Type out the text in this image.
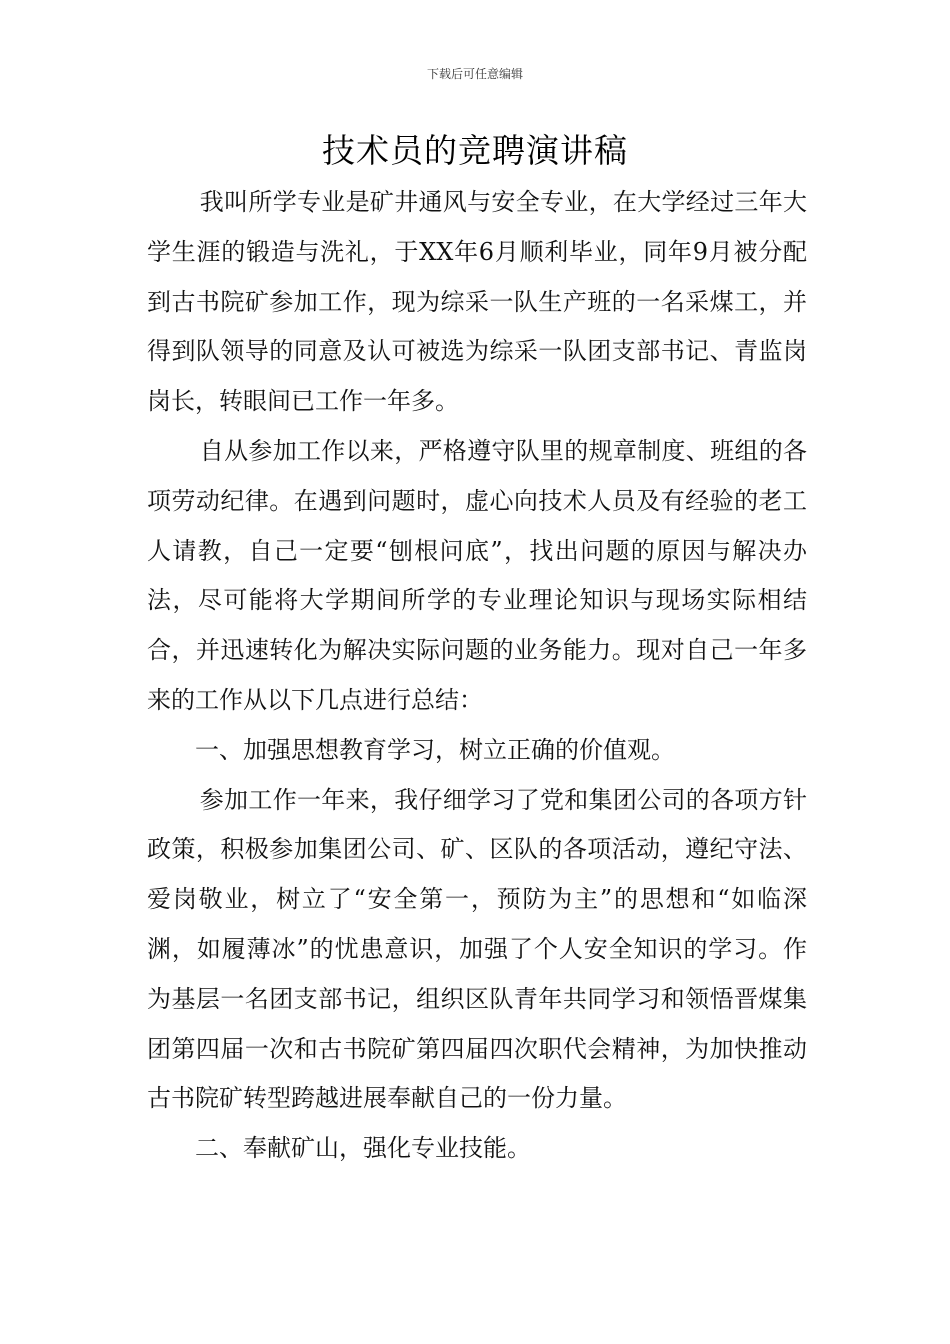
下载后可任意编辑
技术员的竞聘演讲稿

我叫所学专业是矿井通风与安全专业，在大学经过三年大学生涯的锻造与洗礼，于XX年6月顺利毕业，同年9月被分配到古书院矿参加工作，现为综采一队生产班的一名采煤工，并得到队领导的同意及认可被选为综采一队团支部书记、青监岗岗长，转眼间已工作一年多。

自从参加工作以来，严格遵守队里的规章制度、班组的各项劳动纪律。在遇到问题时，虚心向技术人员及有经验的老工人请教，自己一定要“刨根问底”，找出问题的原因与解决办法，尽可能将大学期间所学的专业理论知识与现场实际相结合，并迅速转化为解决实际问题的业务能力。现对自己一年多来的工作从以下几点进行总结：

一、加强思想教育学习，树立正确的价值观。

参加工作一年来，我仔细学习了党和集团公司的各项方针政策，积极参加集团公司、矿、区队的各项活动，遵纪守法、爱岗敬业，树立了“安全第一，预防为主”的思想和“如临深渊，如履薄冰”的忧患意识，加强了个人安全知识的学习。作为基层一名团支部书记，组织区队青年共同学习和领悟晋煤集团第四届一次和古书院矿第四届四次职代会精神，为加快推动古书院矿转型跨越进展奉献自己的一份力量。

二、奉献矿山，强化专业技能。
